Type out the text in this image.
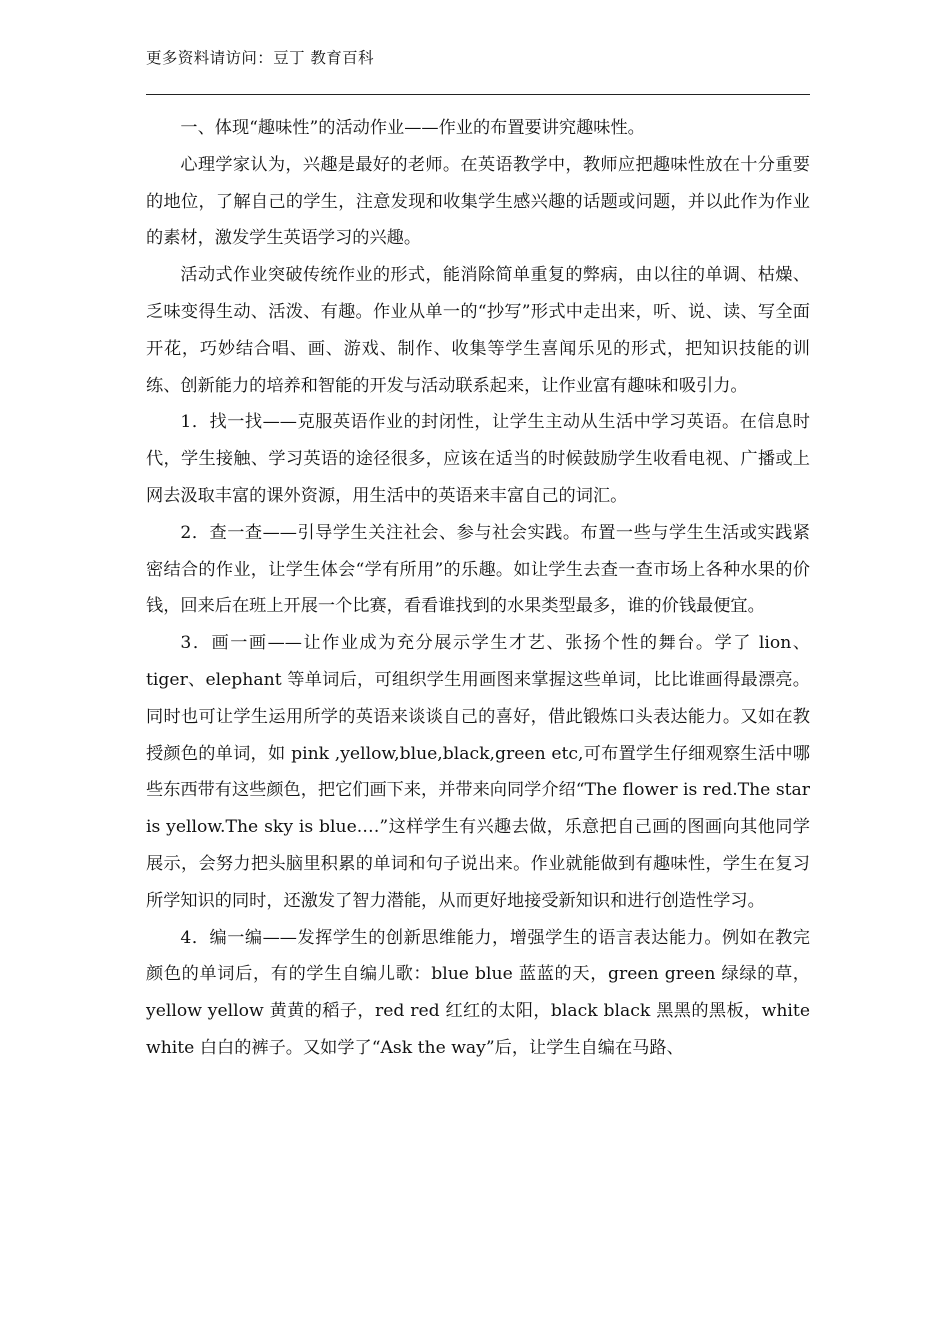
更多资料请访问：豆丁 教育百科

一、体现“趣味性”的活动作业——作业的布置要讲究趣味性。

心理学家认为，兴趣是最好的老师。在英语教学中，教师应把趣味性放在十分重要的地位，了解自己的学生，注意发现和收集学生感兴趣的话题或问题，并以此作为作业的素材，激发学生英语学习的兴趣。

活动式作业突破传统作业的形式，能消除简单重复的弊病，由以往的单调、枯燥、乏味变得生动、活泼、有趣。作业从单一的“抄写”形式中走出来，听、说、读、写全面开花，巧妙结合唱、画、游戏、制作、收集等学生喜闻乐见的形式，把知识技能的训练、创新能力的培养和智能的开发与活动联系起来，让作业富有趣味和吸引力。

1．找一找——克服英语作业的封闭性，让学生主动从生活中学习英语。在信息时代，学生接触、学习英语的途径很多，应该在适当的时候鼓励学生收看电视、广播或上网去汲取丰富的课外资源，用生活中的英语来丰富自己的词汇。

2．查一查——引导学生关注社会、参与社会实践。布置一些与学生生活或实践紧密结合的作业，让学生体会“学有所用”的乐趣。如让学生去查一查市场上各种水果的价钱，回来后在班上开展一个比赛，看看谁找到的水果类型最多，谁的价钱最便宜。

3．画一画——让作业成为充分展示学生才艺、张扬个性的舞台。学了 lion、tiger、elephant 等单词后，可组织学生用画图来掌握这些单词，比比谁画得最漂亮。同时也可让学生运用所学的英语来谈谈自己的喜好，借此锻炼口头表达能力。又如在教授颜色的单词，如 pink ,yellow,blue,black,green etc,可布置学生仔细观察生活中哪些东西带有这些颜色，把它们画下来，并带来向同学介绍“The flower is red.The star is yellow.The sky is blue.…”这样学生有兴趣去做，乐意把自己画的图画向其他同学展示，会努力把头脑里积累的单词和句子说出来。作业就能做到有趣味性，学生在复习所学知识的同时，还激发了智力潜能，从而更好地接受新知识和进行创造性学习。

4．编一编——发挥学生的创新思维能力，增强学生的语言表达能力。例如在教完颜色的单词后，有的学生自编儿歌：blue blue 蓝蓝的天，green green 绿绿的草，yellow yellow 黄黄的稻子，red red 红红的太阳，black black 黑黑的黑板，white white 白白的裤子。又如学了“Ask the way”后，让学生自编在马路、
